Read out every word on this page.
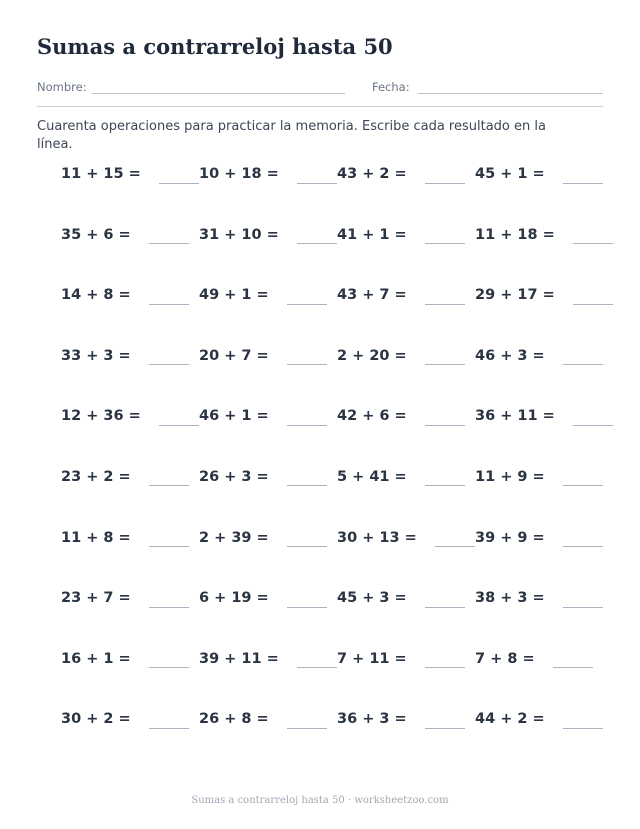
Sumas a contrarreloj hasta 50
Nombre:	Fecha:

Cuarenta operaciones para practicar la memoria. Escribe cada resultado en la línea.

11 + 15 =	10 + 18 =	43 + 2 =	45 + 1 =
35 + 6 =	31 + 10 =	41 + 1 =	11 + 18 =
14 + 8 =	49 + 1 =	43 + 7 =	29 + 17 =
33 + 3 =	20 + 7 =	2 + 20 =	46 + 3 =
12 + 36 =	46 + 1 =	42 + 6 =	36 + 11 =
23 + 2 =	26 + 3 =	5 + 41 =	11 + 9 =
11 + 8 =	2 + 39 =	30 + 13 =	39 + 9 =
23 + 7 =	6 + 19 =	45 + 3 =	38 + 3 =
16 + 1 =	39 + 11 =	7 + 11 =	7 + 8 =
30 + 2 =	26 + 8 =	36 + 3 =	44 + 2 =
Sumas a contrarreloj hasta 50 · worksheetzoo.com
